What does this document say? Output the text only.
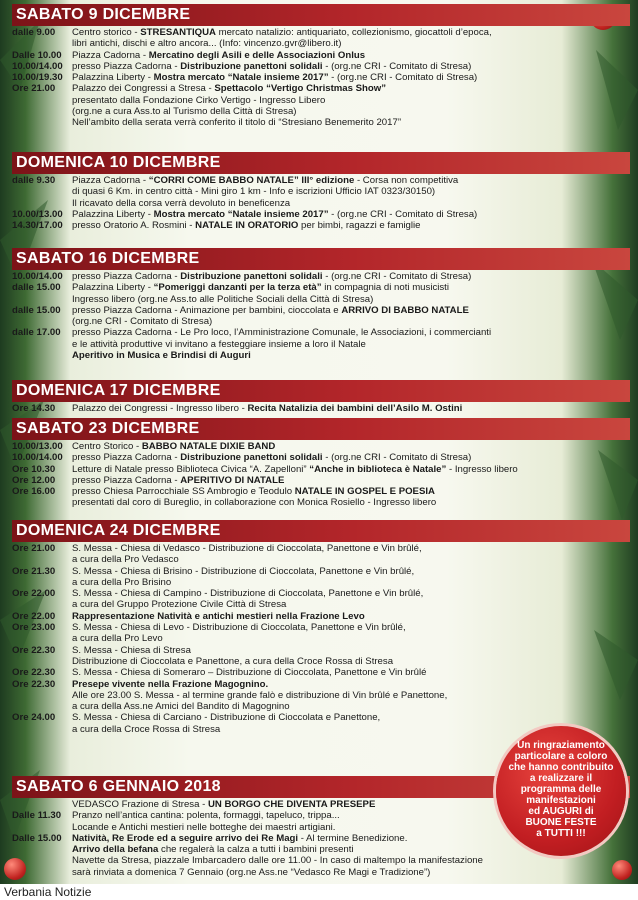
SABATO 9 DICEMBRE
dalle 9.00	Centro storico - STRESANTIQUA mercato natalizio: antiquariato, collezionismo, giocattoli d’epoca,
libri antichi, dischi e altro ancora... (Info: vincenzo.gvr@libero.it)
Dalle 10.00	Piazza Cadorna - Mercatino degli Asili e delle Associazioni Onlus
10.00/14.00 presso Piazza Cadorna - Distribuzione panettoni solidali - (org.ne CRI - Comitato di Stresa)
10.00/19.30 Palazzina Liberty - Mostra mercato “Natale insieme 2017” - (org.ne CRI - Comitato di Stresa)
Ore 21.00	Palazzo dei Congressi a Stresa - Spettacolo “Vertigo Christmas Show”
presentato dalla Fondazione Cirko Vertigo - Ingresso Libero
(org.ne a cura Ass.to al Turismo della Città di Stresa)
Nell’ambito della serata verrà conferito il titolo di “Stresiano Benemerito 2017”
DOMENICA 10 DICEMBRE
dalle 9.30	Piazza Cadorna - “CORRI COME BABBO NATALE” III° edizione - Corsa non competitiva
di quasi 6 Km. in centro città - Mini giro 1 km - Info e iscrizioni Ufficio IAT 0323/30150)
Il ricavato della corsa verrà devoluto in beneficenza
10.00/13.00 Palazzina Liberty - Mostra mercato “Natale insieme 2017” - (org.ne CRI - Comitato di Stresa)
14.30/17.00 presso Oratorio A. Rosmini - NATALE IN ORATORIO per bimbi, ragazzi e famiglie
SABATO 16 DICEMBRE
10.00/14.00 presso Piazza Cadorna - Distribuzione panettoni solidali - (org.ne CRI - Comitato di Stresa)
dalle 15.00	Palazzina Liberty - “Pomeriggi danzanti per la terza età” in compagnia di noti musicisti
Ingresso libero (org.ne Ass.to alle Politiche Sociali della Città di Stresa)
dalle 15.00	presso Piazza Cadorna - Animazione per bambini, cioccolata e ARRIVO DI BABBO NATALE
(org.ne CRI - Comitato di Stresa)
dalle 17.00	presso Piazza Cadorna - Le Pro loco, l’Amministrazione Comunale, le Associazioni, i commercianti
e le attività produttive vi invitano a festeggiare insieme a loro il Natale
Aperitivo in Musica e Brindisi di Auguri
DOMENICA 17 DICEMBRE
Ore 14.30	Palazzo dei Congressi - Ingresso libero - Recita Natalizia dei bambini dell’Asilo M. Ostini
SABATO 23 DICEMBRE
10.00/13.00 Centro Storico - BABBO NATALE DIXIE BAND
10.00/14.00 presso Piazza Cadorna - Distribuzione panettoni solidali - (org.ne CRI - Comitato di Stresa)
Ore 10.30	Letture di Natale presso Biblioteca Civica “A. Zapelloni” “Anche in biblioteca è Natale” - Ingresso libero
Ore 12.00	presso Piazza Cadorna - APERITIVO DI NATALE
Ore 16.00	presso Chiesa Parrocchiale SS Ambrogio e Teodulo NATALE IN GOSPEL E POESIA
presentati dal coro di Bureglio, in collaborazione con Monica Rosiello - Ingresso libero
DOMENICA 24 DICEMBRE
Ore 21.00	S. Messa - Chiesa di Vedasco - Distribuzione di Cioccolata, Panettone e Vin brûlé,
a cura della Pro Vedasco
Ore 21.30	S. Messa - Chiesa di Brisino - Distribuzione di Cioccolata, Panettone e Vin brûlé,
a cura della Pro Brisino
Ore 22.00	S. Messa - Chiesa di Campino - Distribuzione di Cioccolata, Panettone e Vin brûlé,
a cura del Gruppo Protezione Civile Città di Stresa
Ore 22.00	Rappresentazione Natività e antichi mestieri nella Frazione Levo
Ore 23.00	S. Messa - Chiesa di Levo - Distribuzione di Cioccolata, Panettone e Vin brûlé,
a cura della Pro Levo
Ore 22.30	S. Messa - Chiesa di Stresa
Distribuzione di Cioccolata e Panettone, a cura della Croce Rossa di Stresa
Ore 22.30	S. Messa - Chiesa di Someraro – Distribuzione di Cioccolata, Panettone e Vin brûlé
Ore 22.30	Presepe vivente nella Frazione Magognino.
Alle ore 23.00 S. Messa - al termine grande falò e distribuzione di Vin brûlé e Panettone,
a cura della Ass.ne Amici del Bandito di Magognino
Ore 24.00	S. Messa - Chiesa di Carciano - Distribuzione di Cioccolata e Panettone,
a cura della Croce Rossa di Stresa
SABATO 6 GENNAIO 2018
VEDASCO Frazione di Stresa - UN BORGO CHE DIVENTA PRESEPE
Dalle 11.30	Pranzo nell’antica cantina: polenta, formaggi, tapeluco, trippa...
Locande e Antichi mestieri nelle botteghe dei maestri artigiani.
Dalle 15.00	Natività, Re Erode ed a seguire arrivo dei Re Magi - Al termine Benedizione.
Arrivo della befana che regalerà la calza a tutti i bambini presenti
Navette da Stresa, piazzale Imbarcadero dalle ore 11.00 - In caso di maltempo la manifestazione
sarà rinviata a domenica 7 Gennaio (org.ne Ass.ne “Vedasco Re Magi e Tradizione”)
Un ringraziamento
particolare a coloro
che hanno contribuito
a realizzare il
programma delle
manifestazioni
ed AUGURI di
BUONE FESTE
a TUTTI !!!
Verbania Notizie
